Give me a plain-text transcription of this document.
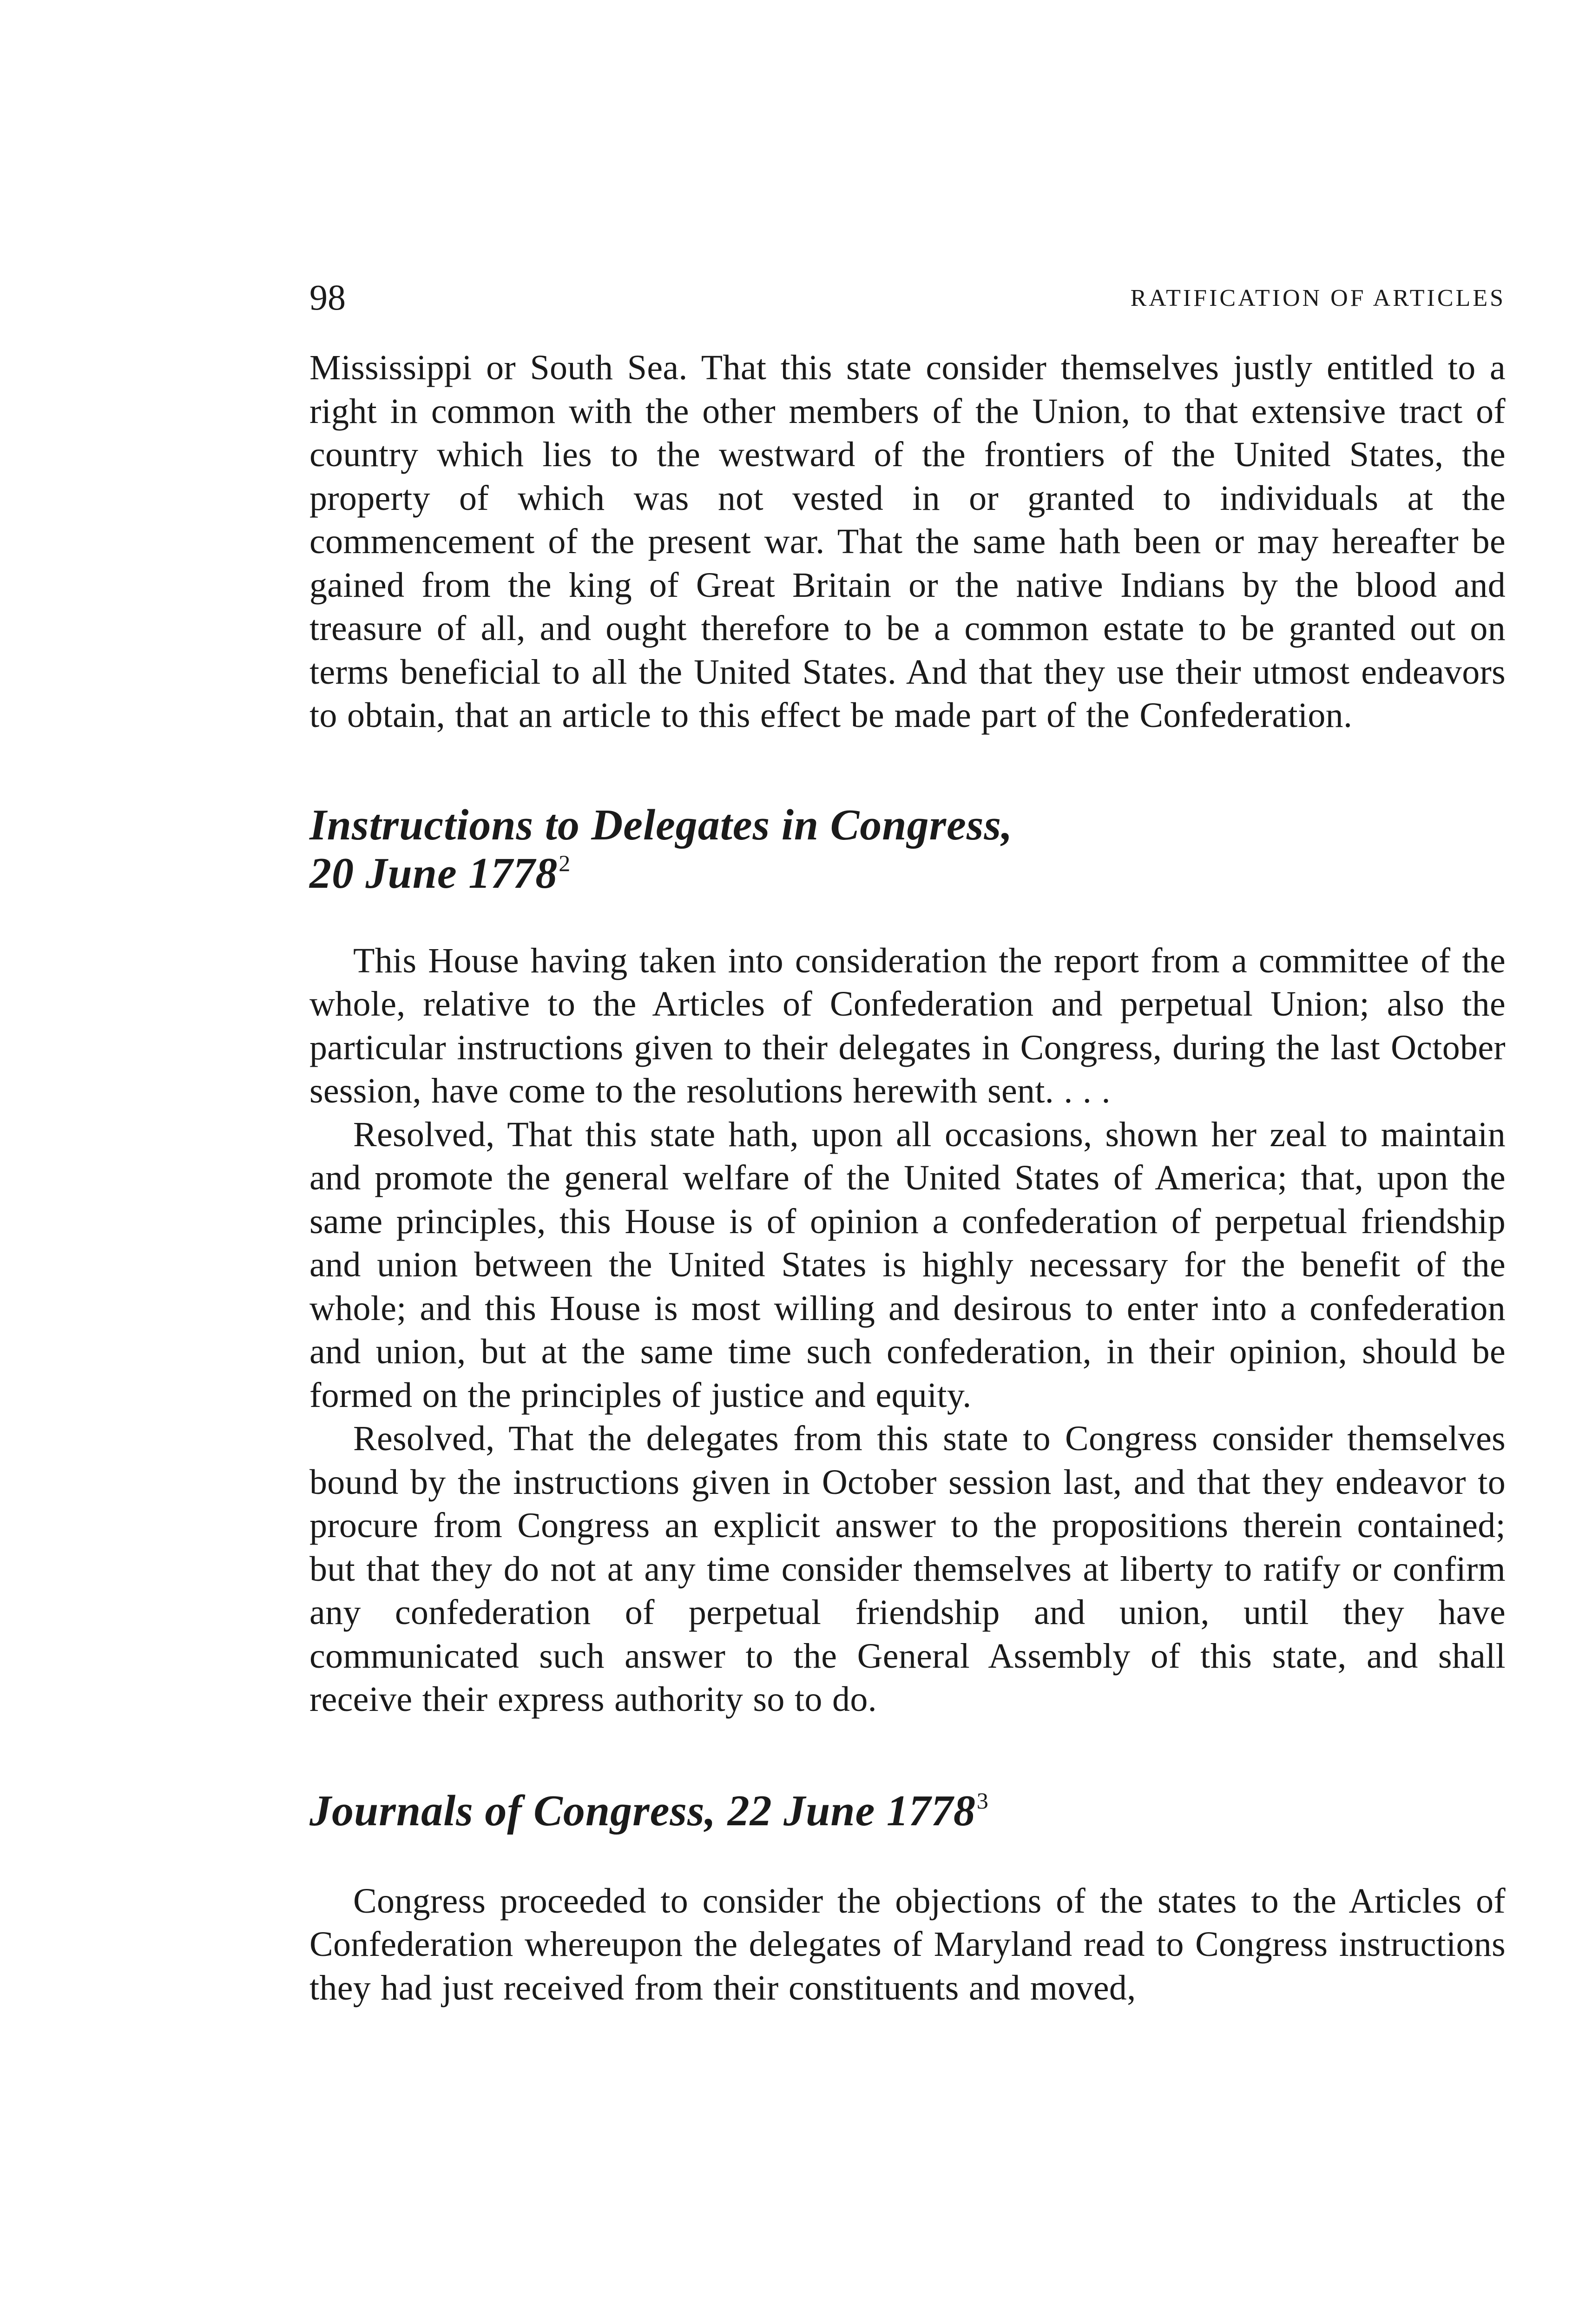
98	RATIFICATION OF ARTICLES

Mississippi or South Sea. That this state consider themselves justly entitled to a right in common with the other members of the Union, to that extensive tract of country which lies to the westward of the frontiers of the United States, the property of which was not vested in or granted to individuals at the commencement of the present war. That the same hath been or may hereafter be gained from the king of Great Britain or the native Indians by the blood and treasure of all, and ought therefore to be a common estate to be granted out on terms beneficial to all the United States. And that they use their utmost endeavors to obtain, that an article to this effect be made part of the Confederation.

Instructions to Delegates in Congress,
20 June 1778$^2$

This House having taken into consideration the report from a committee of the whole, relative to the Articles of Confederation and perpetual Union; also the particular instructions given to their delegates in Congress, during the last October session, have come to the resolutions herewith sent. . . .

Resolved, That this state hath, upon all occasions, shown her zeal to maintain and promote the general welfare of the United States of America; that, upon the same principles, this House is of opinion a confederation of perpetual friendship and union between the United States is highly necessary for the benefit of the whole; and this House is most willing and desirous to enter into a confederation and union, but at the same time such confederation, in their opinion, should be formed on the principles of justice and equity.

Resolved, That the delegates from this state to Congress consider themselves bound by the instructions given in October session last, and that they endeavor to procure from Congress an explicit answer to the propositions therein contained; but that they do not at any time consider themselves at liberty to ratify or confirm any confederation of perpetual friendship and union, until they have communicated such answer to the General Assembly of this state, and shall receive their express authority so to do.

Journals of Congress, 22 June 1778$^3$

Congress proceeded to consider the objections of the states to the Articles of Confederation whereupon the delegates of Maryland read to Congress instructions they had just received from their constituents and moved,
